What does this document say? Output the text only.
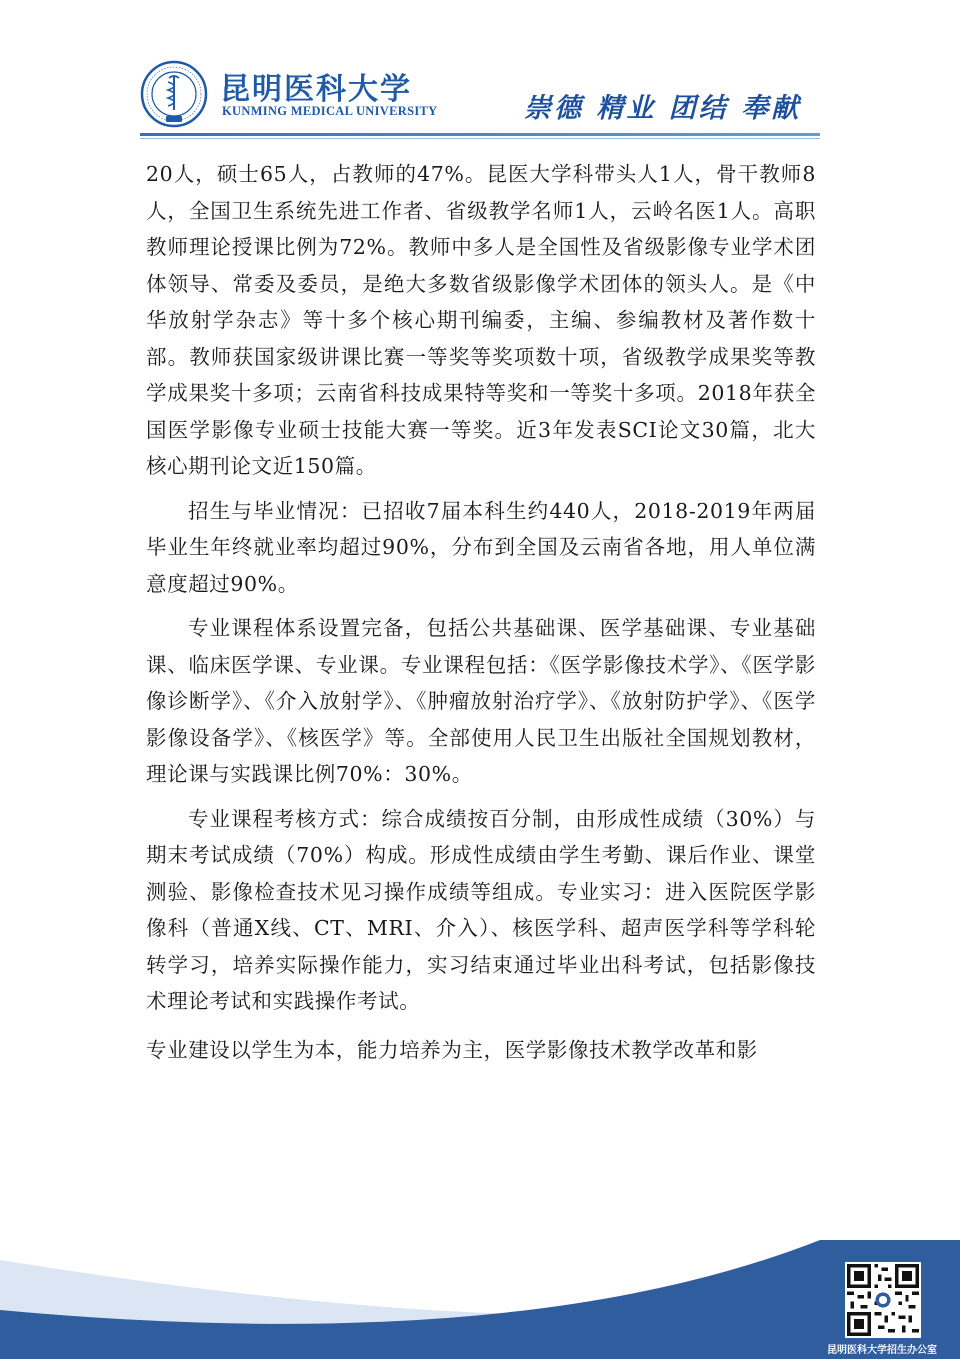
昆明医科大学
KUNMING MEDICAL UNIVERSITY	崇德 精业 团结 奉献

20人，硕士65人，占教师的47%。昆医大学科带头人1人，骨干教师8人，全国卫生系统先进工作者、省级教学名师1人，云岭名医1人。高职教师理论授课比例为72%。教师中多人是全国性及省级影像专业学术团体领导、常委及委员，是绝大多数省级影像学术团体的领头人。是《中华放射学杂志》等十多个核心期刊编委，主编、参编教材及著作数十部。教师获国家级讲课比赛一等奖等奖项数十项，省级教学成果奖等教学成果奖十多项；云南省科技成果特等奖和一等奖十多项。2018年获全国医学影像专业硕士技能大赛一等奖。近3年发表SCI论文30篇，北大核心期刊论文近150篇。

招生与毕业情况：已招收7届本科生约440人，2018-2019年两届毕业生年终就业率均超过90%，分布到全国及云南省各地，用人单位满意度超过90%。

专业课程体系设置完备，包括公共基础课、医学基础课、专业基础课、临床医学课、专业课。专业课程包括：《医学影像技术学》、《医学影像诊断学》、《介入放射学》、《肿瘤放射治疗学》、《放射防护学》、《医学影像设备学》、《核医学》等。全部使用人民卫生出版社全国规划教材，理论课与实践课比例70%：30%。

专业课程考核方式：综合成绩按百分制，由形成性成绩（30%）与期末考试成绩（70%）构成。形成性成绩由学生考勤、课后作业、课堂测验、影像检查技术见习操作成绩等组成。专业实习：进入医院医学影像科（普通X线、CT、MRI、介入）、核医学科、超声医学科等学科轮转学习，培养实际操作能力，实习结束通过毕业出科考试，包括影像技术理论考试和实践操作考试。

专业建设以学生为本，能力培养为主，医学影像技术教学改革和影

昆明医科大学招生办公室
